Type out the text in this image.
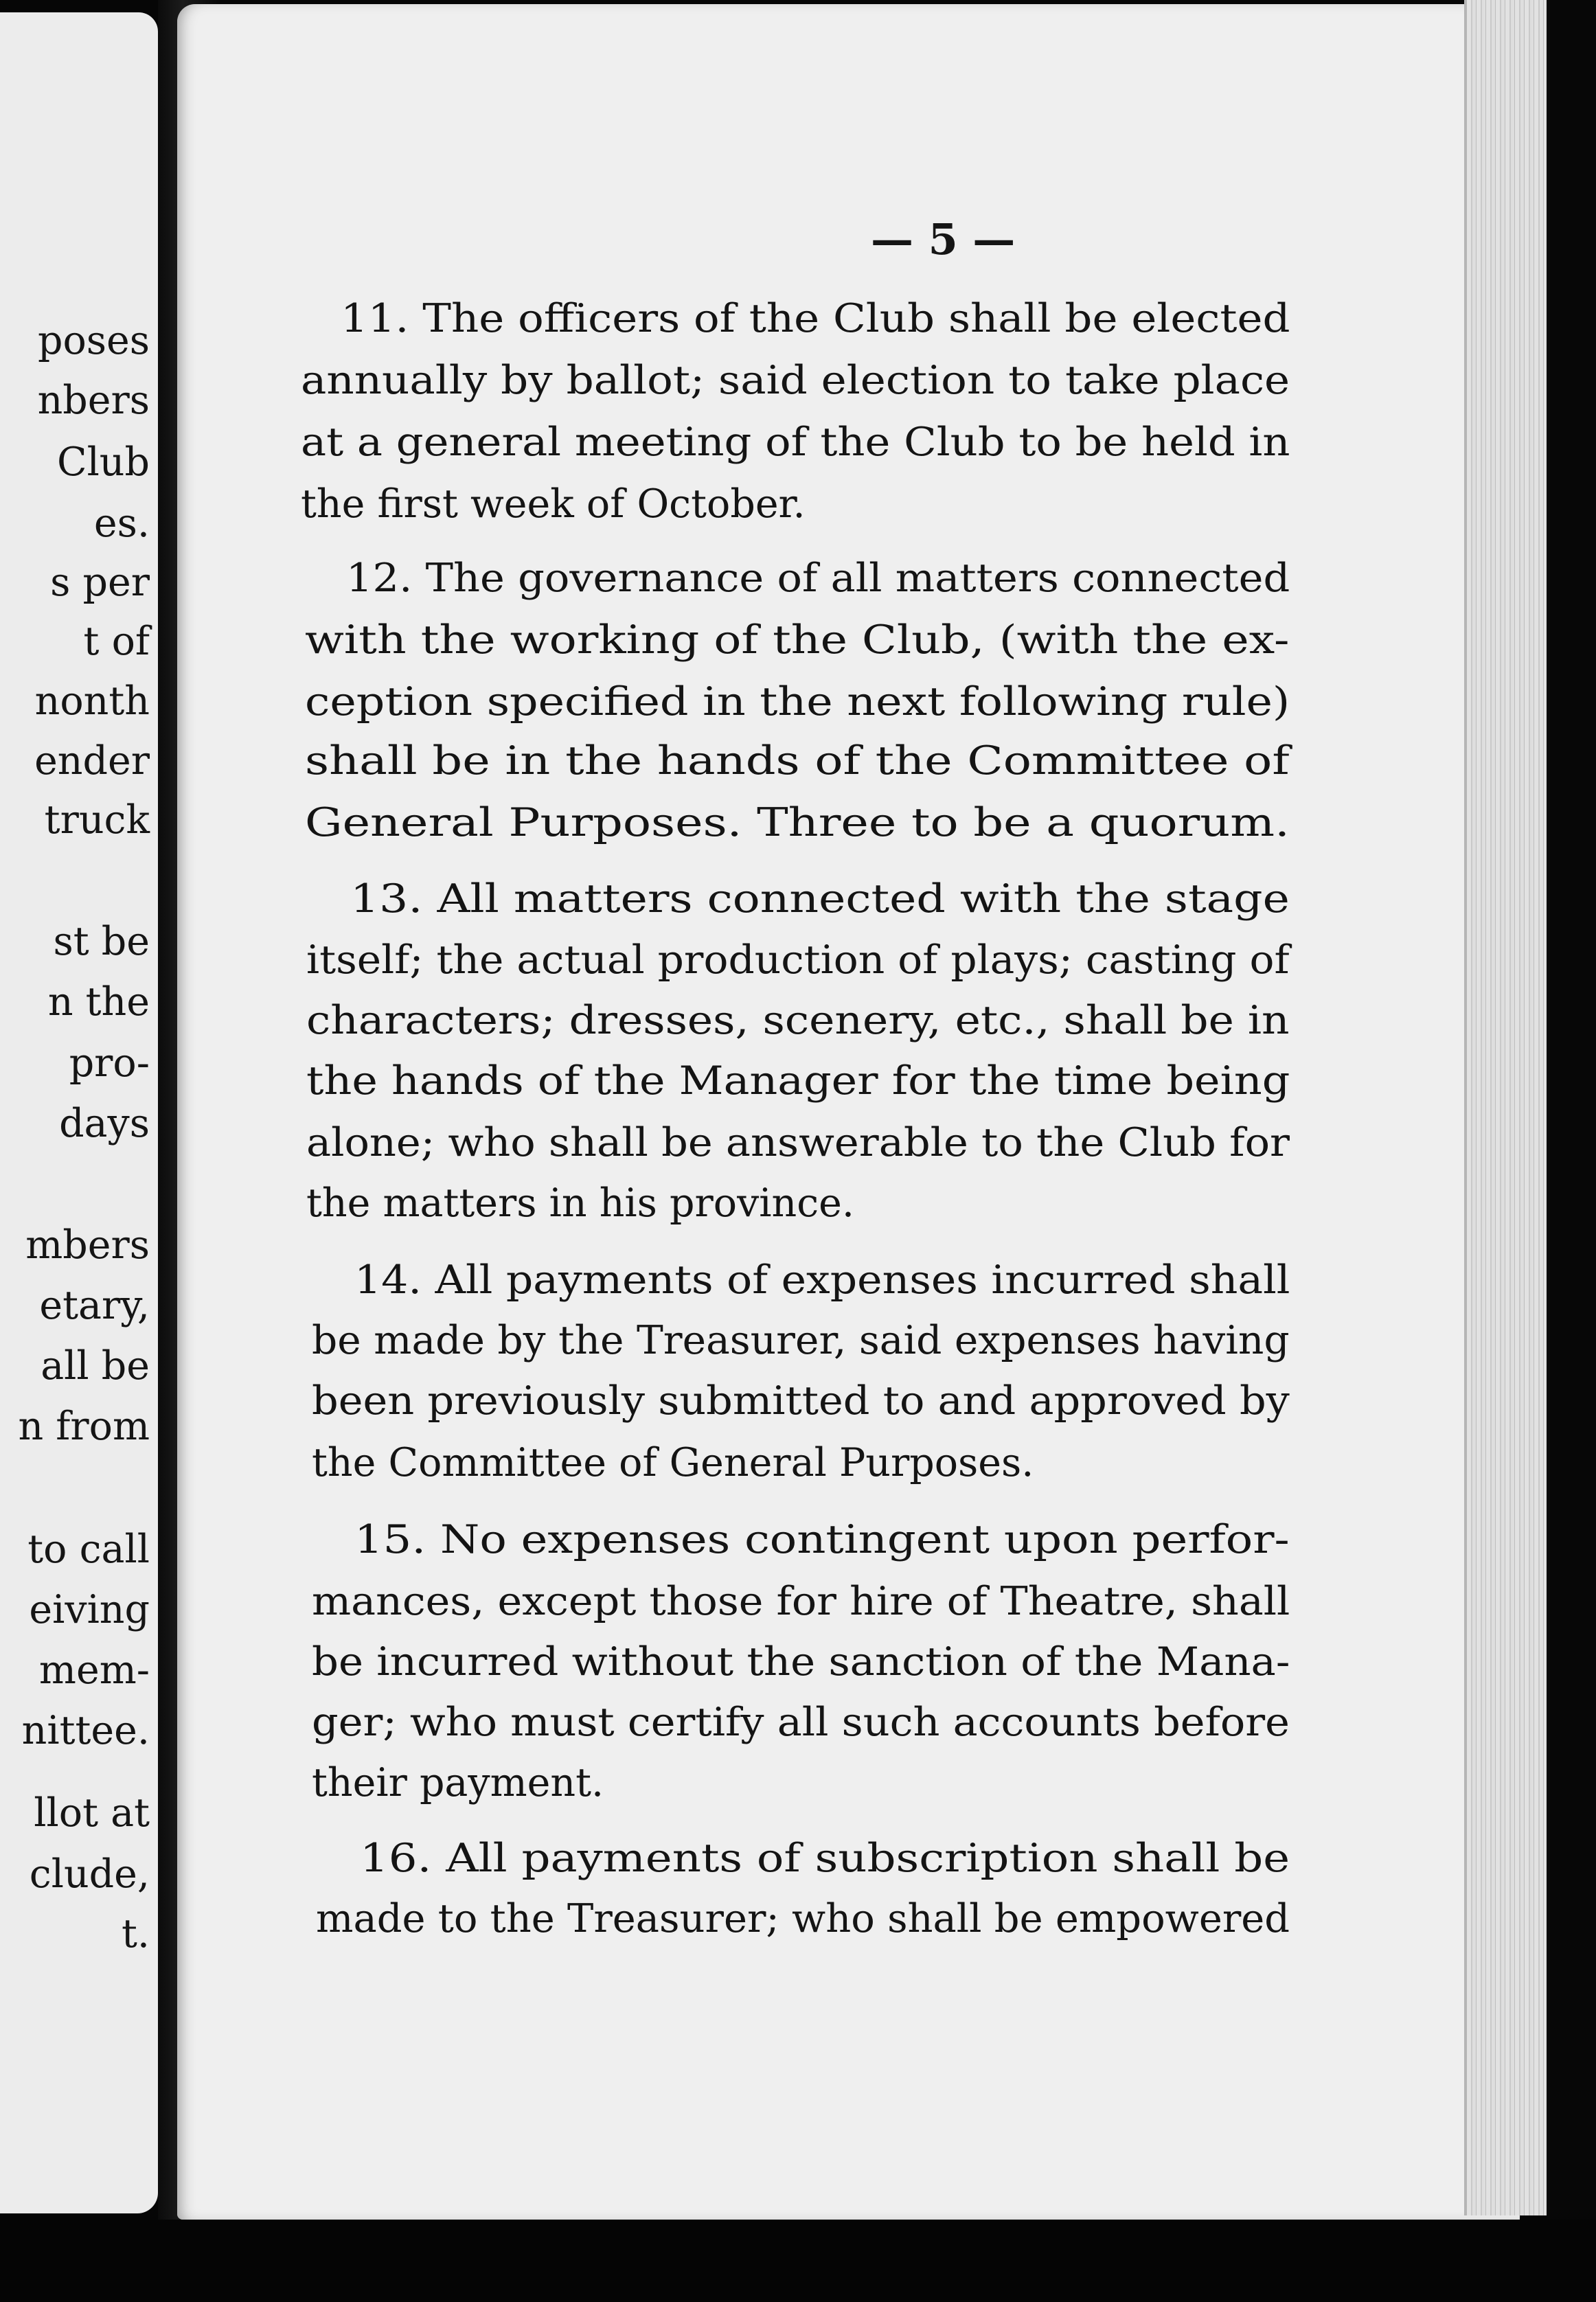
poses
nbers
Club
es.
s per
t of
nonth
ender
truck
st be
n the
pro-
days
mbers
etary,
all be
n from
to call
eiving
mem-
nittee.
llot at
clude,
t.
— 5 —
11. The officers of the Club shall be elected
annually by ballot; said election to take place
at a general meeting of the Club to be held in
the first week of October.
12. The governance of all matters connected
with the working of the Club, (with the ex-
ception specified in the next following rule)
shall be in the hands of the Committee of
General Purposes. Three to be a quorum.
13. All matters connected with the stage
itself; the actual production of plays; casting of
characters; dresses, scenery, etc., shall be in
the hands of the Manager for the time being
alone; who shall be answerable to the Club for
the matters in his province.
14. All payments of expenses incurred shall
be made by the Treasurer, said expenses having
been previously submitted to and approved by
the Committee of General Purposes.
15. No expenses contingent upon perfor-
mances, except those for hire of Theatre, shall
be incurred without the sanction of the Mana-
ger; who must certify all such accounts before
their payment.
16. All payments of subscription shall be
made to the Treasurer; who shall be empowered
